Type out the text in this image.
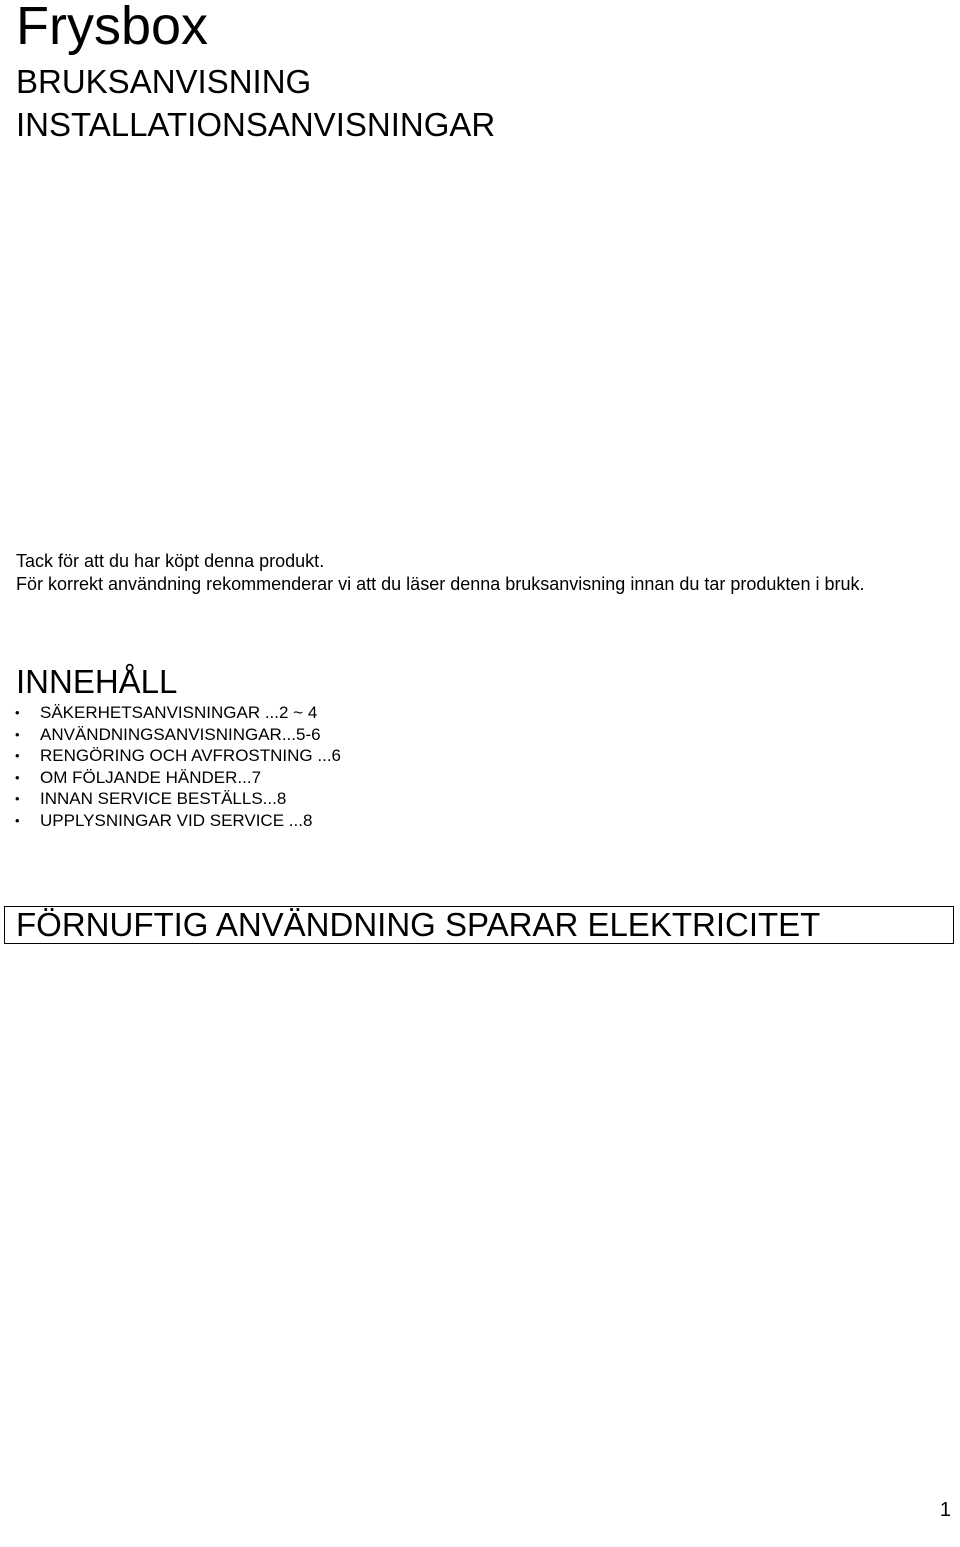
Frysbox
BRUKSANVISNING
INSTALLATIONSANVISNINGAR

Tack för att du har köpt denna produkt.

För korrekt användning rekommenderar vi att du läser denna bruksanvisning innan du tar produkten i bruk.

INNEHÅLL
• SÄKERHETSANVISNINGAR ...2 ~ 4
• ANVÄNDNINGSANVISNINGAR...5-6
• RENGÖRING OCH AVFROSTNING ...6
• OM FÖLJANDE HÄNDER...7
• INNAN SERVICE BESTÄLLS...8
• UPPLYSNINGAR VID SERVICE ...8
FÖRNUFTIG ANVÄNDNING SPARAR ELEKTRICITET
1
